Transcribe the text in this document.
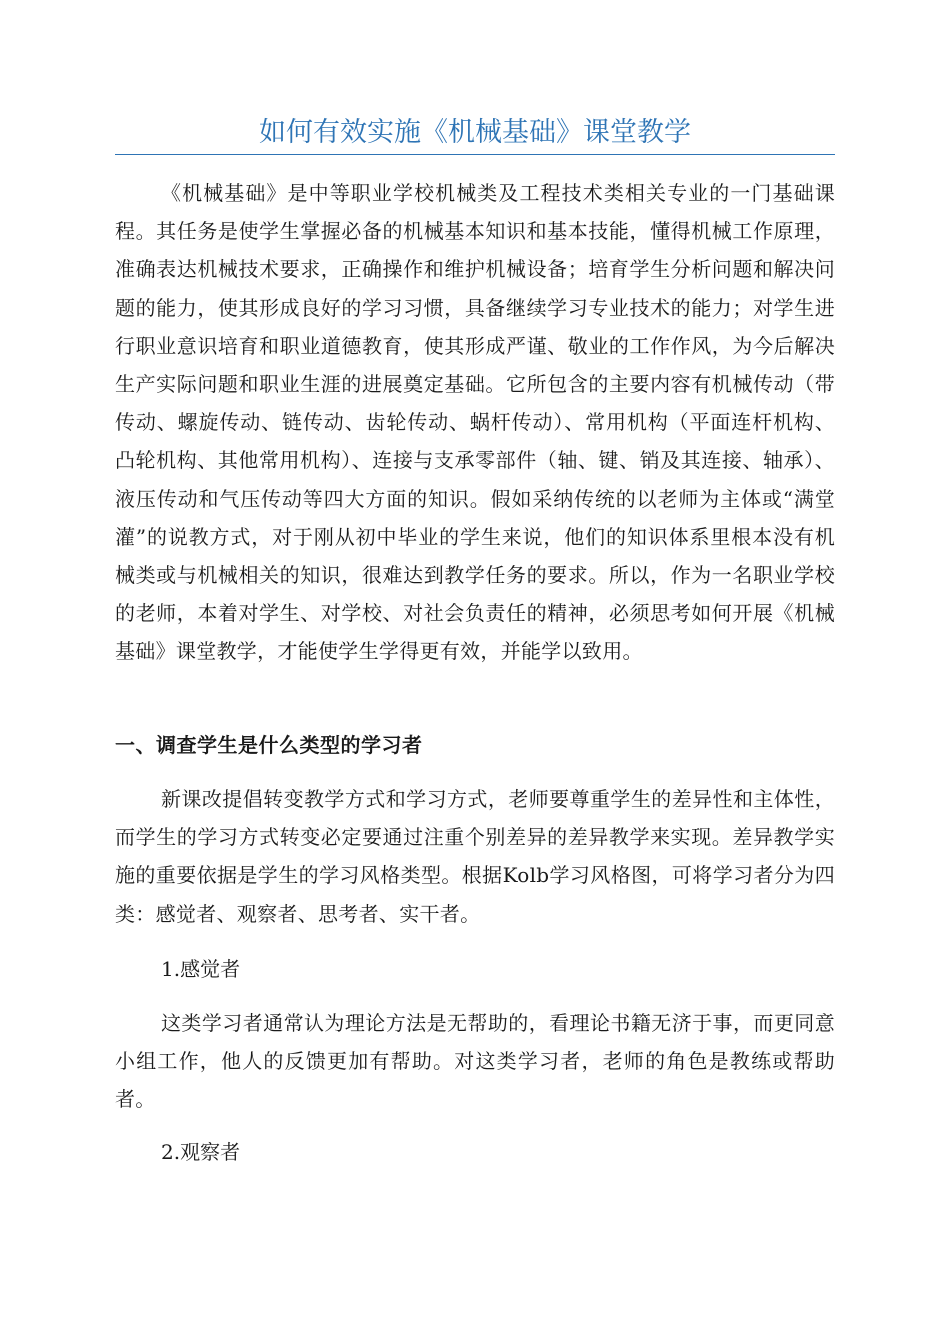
如何有效实施《机械基础》课堂教学

《机械基础》是中等职业学校机械类及工程技术类相关专业的一门基础课程。其任务是使学生掌握必备的机械基本知识和基本技能，懂得机械工作原理，准确表达机械技术要求，正确操作和维护机械设备；培育学生分析问题和解决问题的能力，使其形成良好的学习习惯，具备继续学习专业技术的能力；对学生进行职业意识培育和职业道德教育，使其形成严谨、敬业的工作作风，为今后解决生产实际问题和职业生涯的进展奠定基础。它所包含的主要内容有机械传动（带传动、螺旋传动、链传动、齿轮传动、蜗杆传动）、常用机构（平面连杆机构、凸轮机构、其他常用机构）、连接与支承零部件（轴、键、销及其连接、轴承）、液压传动和气压传动等四大方面的知识。假如采纳传统的以老师为主体或“满堂灌”的说教方式，对于刚从初中毕业的学生来说，他们的知识体系里根本没有机械类或与机械相关的知识，很难达到教学任务的要求。所以，作为一名职业学校的老师，本着对学生、对学校、对社会负责任的精神，必须思考如何开展《机械基础》课堂教学，才能使学生学得更有效，并能学以致用。

一、调查学生是什么类型的学习者

新课改提倡转变教学方式和学习方式，老师要尊重学生的差异性和主体性，而学生的学习方式转变必定要通过注重个别差异的差异教学来实现。差异教学实施的重要依据是学生的学习风格类型。根据Kolb学习风格图，可将学习者分为四类：感觉者、观察者、思考者、实干者。

1.感觉者

这类学习者通常认为理论方法是无帮助的，看理论书籍无济于事，而更同意小组工作，他人的反馈更加有帮助。对这类学习者，老师的角色是教练或帮助者。

2.观察者
